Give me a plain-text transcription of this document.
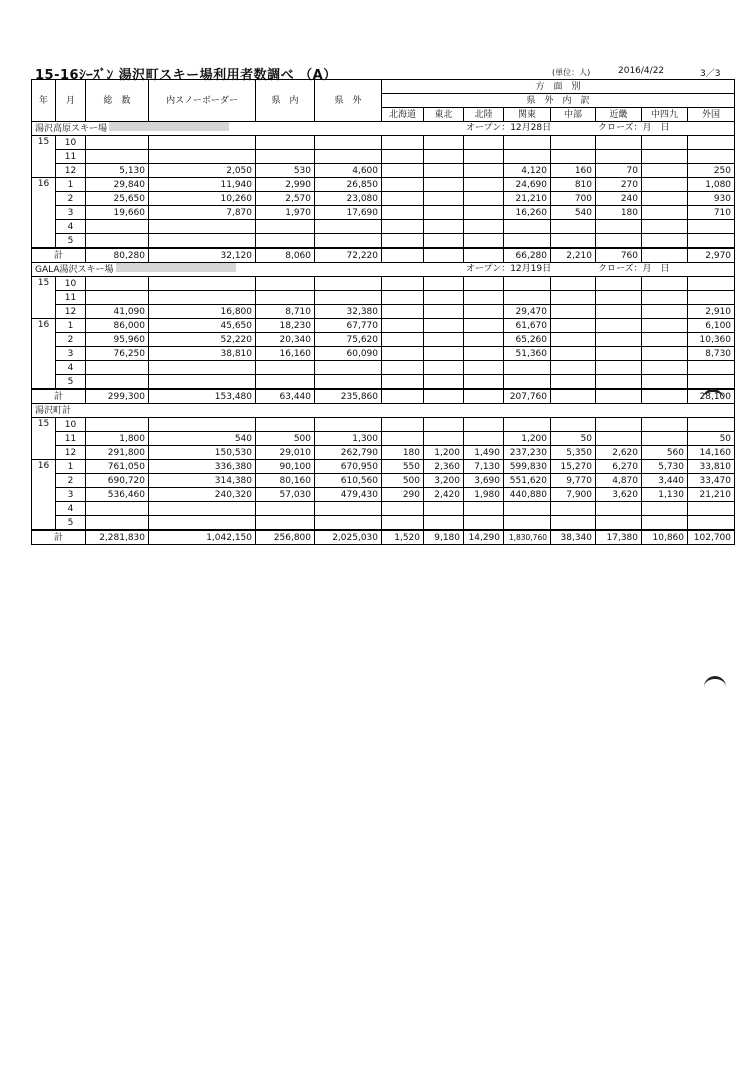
15-16ｼｰｽﾞﾝ 湯沢町スキー場利用者数調べ （A）	(単位：人)	2016/4/22	3／3
年	月	総　数	内スノーボーダー	県　内	県　外	方　面　別							
						県　外　内　訳							
						北海道	東北	北陸	関東	中部	近畿	中四九	外国
湯沢高原スキー場 オープン：12月28日 クローズ：月　日													

15	10												
	11												
	12	5,130	2,050	530	4,600				4,120	160	70		250
16	1	29,840	11,940	2,990	26,850				24,690	810	270		1,080
	2	25,650	10,260	2,570	23,080				21,210	700	240		930
	3	19,660	7,870	1,970	17,690				16,260	540	180		710
	4												
	5												
計		80,280	32,120	8,060	72,220				66,280	2,210	760		2,970
GALA湯沢スキー場 オープン：12月19日 クローズ：月　日													

15	10												
	11												
	12	41,090	16,800	8,710	32,380				29,470				2,910
16	1	86,000	45,650	18,230	67,770				61,670				6,100
	2	95,960	52,220	20,340	75,620				65,260				10,360
	3	76,250	38,810	16,160	60,090				51,360				8,730
	4												
	5												
計		299,300	153,480	63,440	235,860				207,760				28,100
湯沢町計													

15	10												
	11	1,800	540	500	1,300				1,200	50			50
	12	291,800	150,530	29,010	262,790	180	1,200	1,490	237,230	5,350	2,620	560	14,160
16	1	761,050	336,380	90,100	670,950	550	2,360	7,130	599,830	15,270	6,270	5,730	33,810
	2	690,720	314,380	80,160	610,560	500	3,200	3,690	551,620	9,770	4,870	3,440	33,470
	3	536,460	240,320	57,030	479,430	290	2,420	1,980	440,880	7,900	3,620	1,130	21,210
	4												
	5												
計		2,281,830	1,042,150	256,800	2,025,030	1,520	9,180	14,290	1,830,760	38,340	17,380	10,860	102,700
